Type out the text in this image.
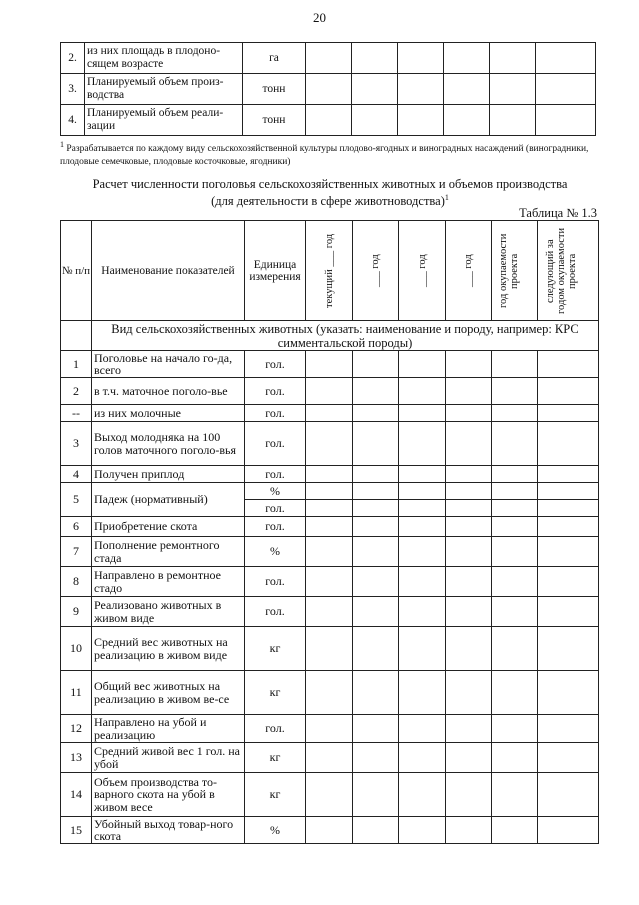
20
2.	из них площадь в плодоно-сящем возрасте	га						
3.	Планируемый объем произ-водства	тонн						
4.	Планируемый объем реали-зации	тонн						
$^1$ Разрабатывается по каждому виду сельскохозяйственной культуры плодово-ягодных и виноградных насаждений (виноградники, плодовые семечковые, плодовые косточковые, ягодники)
Расчет численности поголовья сельскохозяйственных животных и объемов производства
(для деятельности в сфере животноводства)$^1$
Таблица № 1.3
№ п/п	Наименование показателей	Единица измерения	текущий ___ год	___ год	___ год	___ год	год окупаемости проекта	следующий за годом окупаемости проекта

	Вид сельскохозяйственных животных (указать: наименование и породу, например: КРС симментальской породы)							
1	Поголовье на начало го-да, всего	гол.						
2	в т.ч. маточное поголо-вье	гол.						
--	из них молочные	гол.						
3	Выход молодняка на 100 голов маточного поголо-вья	гол.						
4	Получен приплод	гол.						
5	Падеж (нормативный)	%						
		гол.						
6	Приобретение скота	гол.						
7	Пополнение ремонтного стада	%						
8	Направлено в ремонтное стадо	гол.						
9	Реализовано животных в живом виде	гол.						
10	Средний вес животных на реализацию в живом виде	кг						
11	Общий вес животных на реализацию в живом ве-се	кг						
12	Направлено на убой и реализацию	гол.						
13	Средний живой вес 1 гол. на убой	кг						
14	Объем производства то-варного скота на убой в живом весе	кг						
15	Убойный выход товар-ного скота	%						
